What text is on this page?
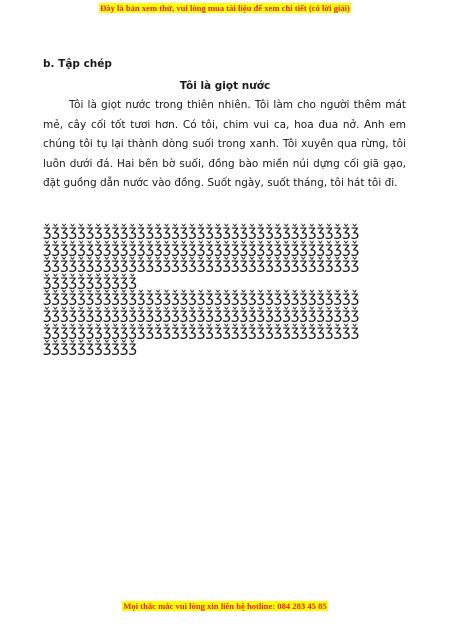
Đây là bản xem thử, vui lòng mua tài liệu để xem chi tiết (có lời giải)
b. Tập chép
Tôi là giọt nước

Tôi là giọt nước trong thiên nhiên. Tôi làm cho người thêm mát mẻ, cây cối tốt tươi hơn. Có tôi, chim vui ca, hoa đua nở. Anh em chúng tôi tụ lại thành dòng suối trong xanh. Tôi xuyên qua rừng, tôi luôn dưới đá. Hai bên bờ suối, đồng bào miền núi dựng cối giã gạo, đặt guồng dẫn nước vào đồng. Suốt ngày, suốt tháng, tôi hát tôi đi.

ǯǯǯǯǯǯǯǯǯǯǯǯǯǯǯǯǯǯǯǯǯǯǯǯǯǯǯǯǯǯǯǯǯǯǯǯǯ
ǯǯǯǯǯǯǯǯǯǯǯǯǯǯǯǯǯǯǯǯǯǯǯǯǯǯǯǯǯǯǯǯǯǯǯǯǯ
ǯǯǯǯǯǯǯǯǯǯǯǯǯǯǯǯǯǯǯǯǯǯǯǯǯǯǯǯǯǯǯǯǯǯǯǯǯ
ǯǯǯǯǯǯǯǯǯǯǯ
ǯǯǯǯǯǯǯǯǯǯǯǯǯǯǯǯǯǯǯǯǯǯǯǯǯǯǯǯǯǯǯǯǯǯǯǯǯ
ǯǯǯǯǯǯǯǯǯǯǯǯǯǯǯǯǯǯǯǯǯǯǯǯǯǯǯǯǯǯǯǯǯǯǯǯǯ
ǯǯǯǯǯǯǯǯǯǯǯǯǯǯǯǯǯǯǯǯǯǯǯǯǯǯǯǯǯǯǯǯǯǯǯǯǯ
ǯǯǯǯǯǯǯǯǯǯǯ
Mọi thắc mắc vui lòng xin liên hệ hotline: 084 283 45 85
